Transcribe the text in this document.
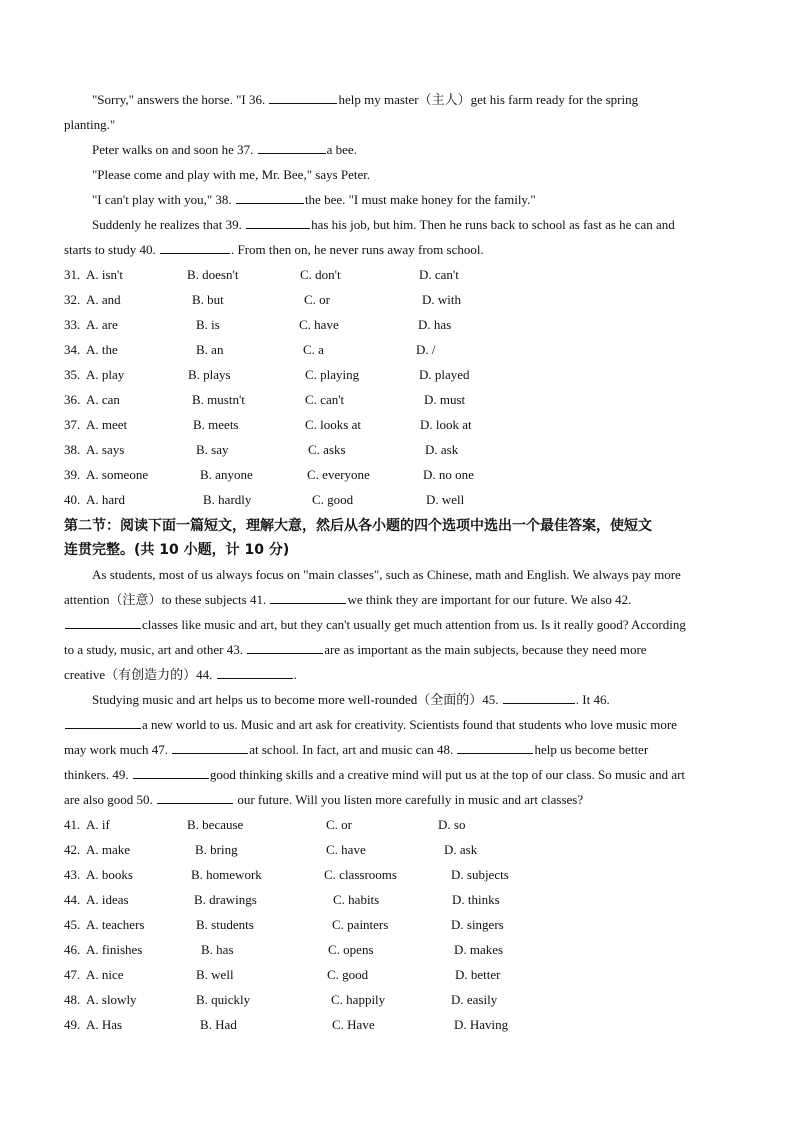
"Sorry," answers the horse. "I 36.	help my master（主人）get his farm ready for the spring
planting."
Peter walks on and soon he 37.	a bee.
"Please come and play with me, Mr. Bee," says Peter.
"I can't play with you," 38.	the bee. "I must make honey for the family."
Suddenly he realizes that 39.	has his job, but him. Then he runs back to school as fast as he can and
starts to study 40.	. From then on, he never runs away from school.
31. A. isn't	B. doesn't	C. don't	D. can't
32. A. and	B. but	C. or	D. with
33. A. are	B. is	C. have	D. has
34. A. the	B. an	C. a	D. /
35. A. play	B. plays	C. playing	D. played
36. A. can	B. mustn't	C. can't	D. must
37. A. meet	B. meets	C. looks at	D. look at
38. A. says	B. say	C. asks	D. ask
39. A. someone	B. anyone	C. everyone	D. no one
40. A. hard	B. hardly	C. good	D. well
第二节：阅读下面一篇短文，理解大意，然后从各小题的四个选项中选出一个最佳答案，使短文
连贯完整。(共 10 小题，计 10 分)
As students, most of us always focus on "main classes", such as Chinese, math and English. We always pay more
attention（注意）to these subjects 41.	we think they are important for our future. We also 42.
classes like music and art, but they can't usually get much attention from us. Is it really good? According
to a study, music, art and other 43.	are as important as the main subjects, because they need more
creative（有创造力的）44.	.
Studying music and art helps us to become more well-rounded（全面的）45.	. It 46.
a new world to us. Music and art ask for creativity. Scientists found that students who love music more
may work much 47.	at school. In fact, art and music can 48.	help us become better
thinkers. 49.	good thinking skills and a creative mind will put us at the top of our class. So music and art
are also good 50.	our future. Will you listen more carefully in music and art classes?
41. A. if	B. because	C. or	D. so
42. A. make	B. bring	C. have	D. ask
43. A. books	B. homework	C. classrooms	D. subjects
44. A. ideas	B. drawings	C. habits	D. thinks
45. A. teachers	B. students	C. painters	D. singers
46. A. finishes	B. has	C. opens	D. makes
47. A. nice	B. well	C. good	D. better
48. A. slowly	B. quickly	C. happily	D. easily
49. A. Has	B. Had	C. Have	D. Having
